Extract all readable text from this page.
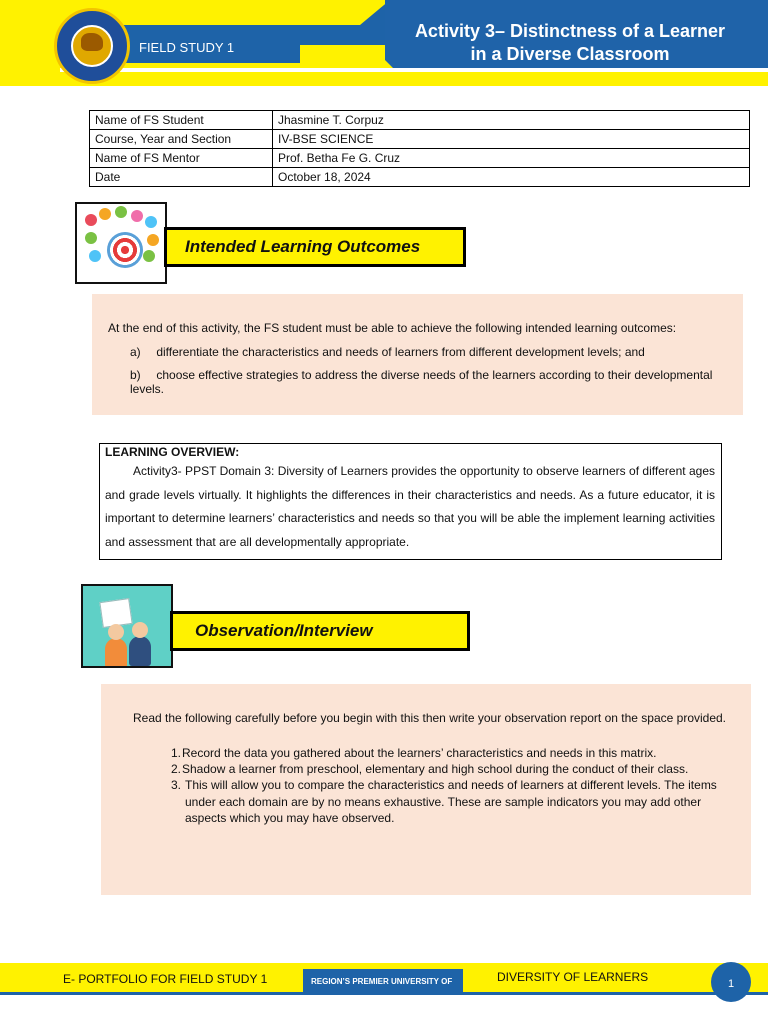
FIELD STUDY 1
Activity 3– Distinctness of a Learner
in a Diverse Classroom
Name of FS Student	Jhasmine T. Corpuz
Course, Year and Section	IV-BSE SCIENCE
Name of FS Mentor	Prof. Betha Fe G. Cruz
Date	October 18, 2024
Intended Learning Outcomes
At the end of this activity, the FS student must be able to achieve the following intended learning outcomes:
a) differentiate the characteristics and needs of learners from different development levels; and
b) choose effective strategies to address the diverse needs of the learners according to their developmental levels.
LEARNING OVERVIEW:
Activity3- PPST Domain 3: Diversity of Learners provides the opportunity to observe learners of different ages and grade levels virtually. It highlights the differences in their characteristics and needs. As a future educator, it is important to determine learners’ characteristics and needs so that you will be able the implement learning activities and assessment that are all developmentally appropriate.
Observation/Interview
Read the following carefully before you begin with this then write your observation report on the space provided.
1. Record the data you gathered about the learners’ characteristics and needs in this matrix.
2. Shadow a learner from preschool, elementary and high school during the conduct of their class.
3. This will allow you to compare the characteristics and needs of learners at different levels. The items under each domain are by no means exhaustive. These are sample indicators you may add other aspects which you may have observed.
E- PORTFOLIO FOR FIELD STUDY 1	REGION’S PREMIER UNIVERSITY OF	DIVERSITY OF LEARNERS	1
